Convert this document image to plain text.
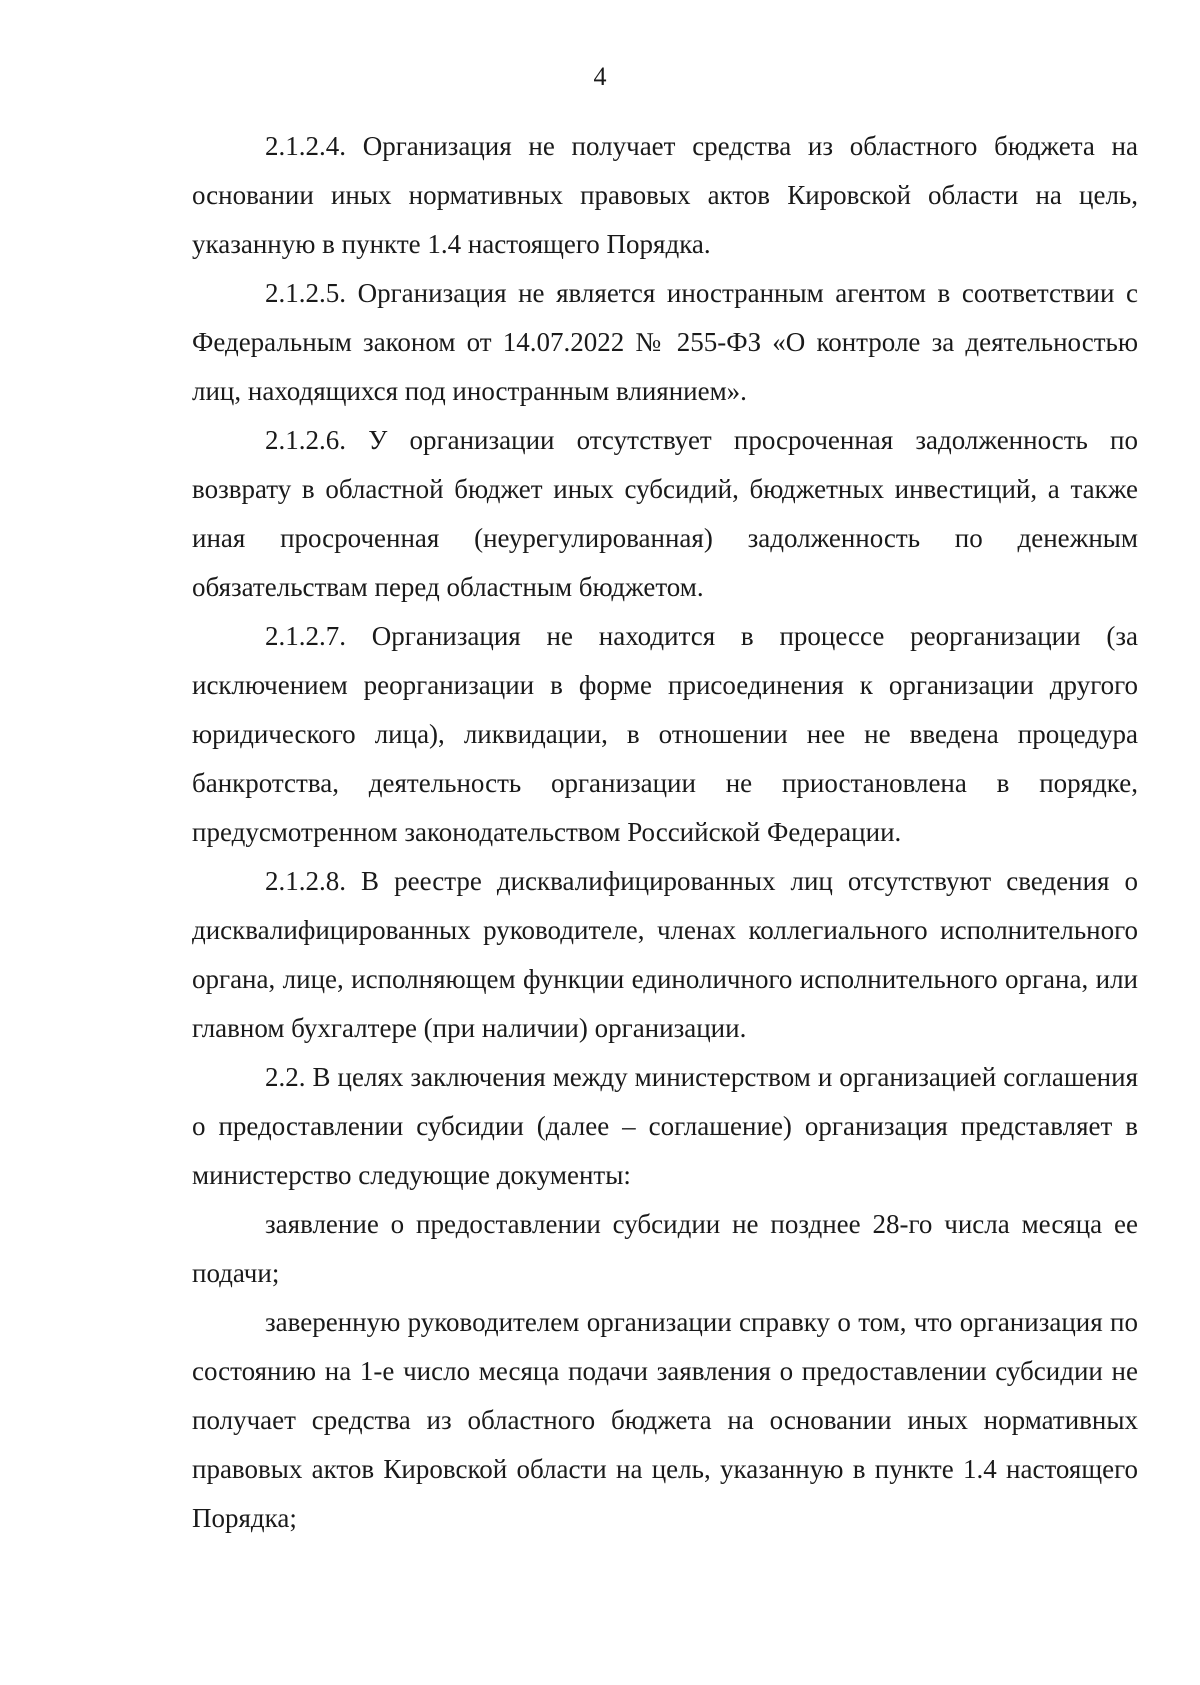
4

2.1.2.4. Организация не получает средства из областного бюджета на основании иных нормативных правовых актов Кировской области на цель, указанную в пункте 1.4 настоящего Порядка.

2.1.2.5. Организация не является иностранным агентом в соответствии с Федеральным законом от 14.07.2022 № 255-ФЗ «О контроле за деятельностью лиц, находящихся под иностранным влиянием».

2.1.2.6. У организации отсутствует просроченная задолженность по возврату в областной бюджет иных субсидий, бюджетных инвестиций, а также иная просроченная (неурегулированная) задолженность по денежным обязательствам перед областным бюджетом.

2.1.2.7. Организация не находится в процессе реорганизации (за исключением реорганизации в форме присоединения к организации другого юридического лица), ликвидации, в отношении нее не введена процедура банкротства, деятельность организации не приостановлена в порядке, предусмотренном законодательством Российской Федерации.

2.1.2.8. В реестре дисквалифицированных лиц отсутствуют сведения о дисквалифицированных руководителе, членах коллегиального исполнительного органа, лице, исполняющем функции единоличного исполнительного органа, или главном бухгалтере (при наличии) организации.

2.2. В целях заключения между министерством и организацией соглашения о предоставлении субсидии (далее – соглашение) организация представляет в министерство следующие документы:

заявление о предоставлении субсидии не позднее 28-го числа месяца ее подачи;

заверенную руководителем организации справку о том, что организация по состоянию на 1-е число месяца подачи заявления о предоставлении субсидии не получает средства из областного бюджета на основании иных нормативных правовых актов Кировской области на цель, указанную в пункте 1.4 настоящего Порядка;
